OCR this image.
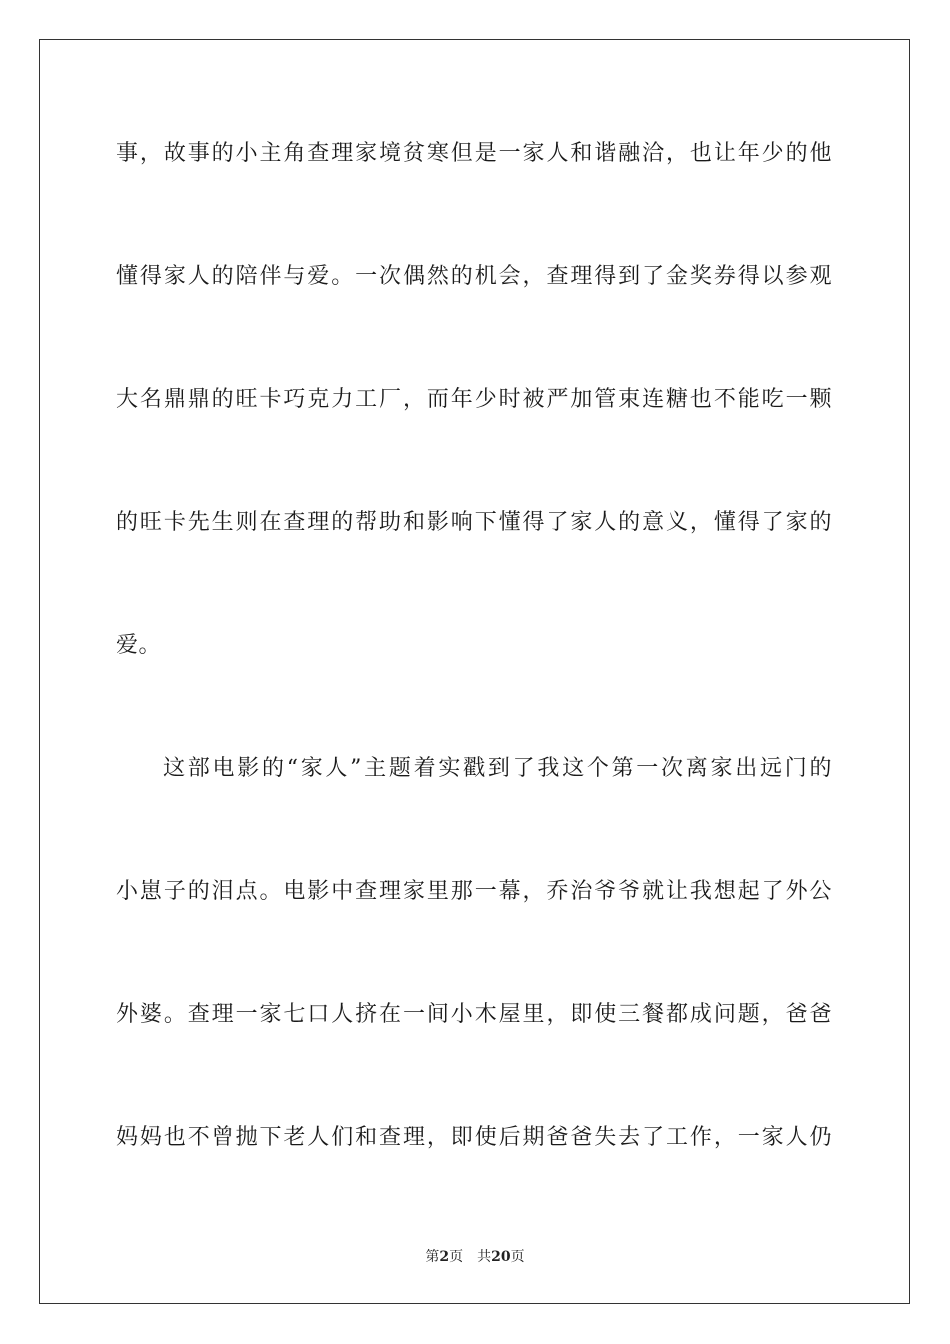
事，故事的小主角查理家境贫寒但是一家人和谐融洽，也让年少的他
懂得家人的陪伴与爱。一次偶然的机会，查理得到了金奖券得以参观
大名鼎鼎的旺卡巧克力工厂，而年少时被严加管束连糖也不能吃一颗
的旺卡先生则在查理的帮助和影响下懂得了家人的意义，懂得了家的
爱。
这部电影的“家人”主题着实戳到了我这个第一次离家出远门的
小崽子的泪点。电影中查理家里那一幕，乔治爷爷就让我想起了外公
外婆。查理一家七口人挤在一间小木屋里，即使三餐都成问题，爸爸
妈妈也不曾抛下老人们和查理，即使后期爸爸失去了工作，一家人仍
第2页 共20页
